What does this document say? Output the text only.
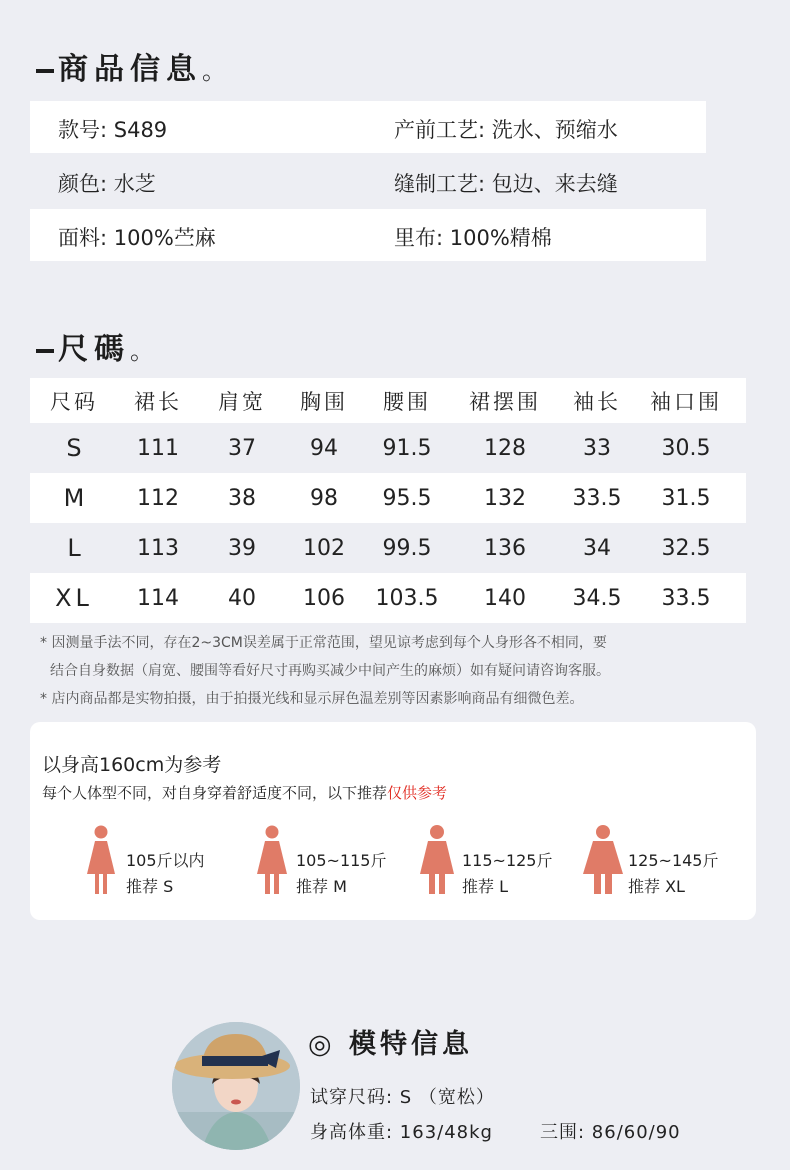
商品信息。
款号: S489	产前工艺: 洗水、预缩水
颜色: 水芝	缝制工艺: 包边、来去缝
面料: 100%苎麻	里布: 100%精棉
尺碼。
尺码	裙长	肩宽	胸围	腰围	裙摆围	袖长	袖口围
S	111	37	94	91.5	128	33	30.5
M	112	38	98	95.5	132	33.5	31.5
L	113	39	102	99.5	136	34	32.5
XL	114	40	106	103.5	140	34.5	33.5
* 因测量手法不同，存在2~3CM误差属于正常范围，望见谅考虑到每个人身形各不相同，要
结合自身数据（肩宽、腰围等看好尺寸再购买减少中间产生的麻烦）如有疑问请咨询客服。
* 店内商品都是实物拍摄，由于拍摄光线和显示屏色温差别等因素影响商品有细微色差。
以身高160cm为参考
每个人体型不同，对自身穿着舒适度不同，以下推荐仅供参考
105斤以内
推荐 S
105~115斤
推荐 M
115~125斤
推荐 L
125~145斤
推荐 XL
◎ 模特信息
试穿尺码: S （宽松）
身高体重: 163/48kg	三围: 86/60/90
